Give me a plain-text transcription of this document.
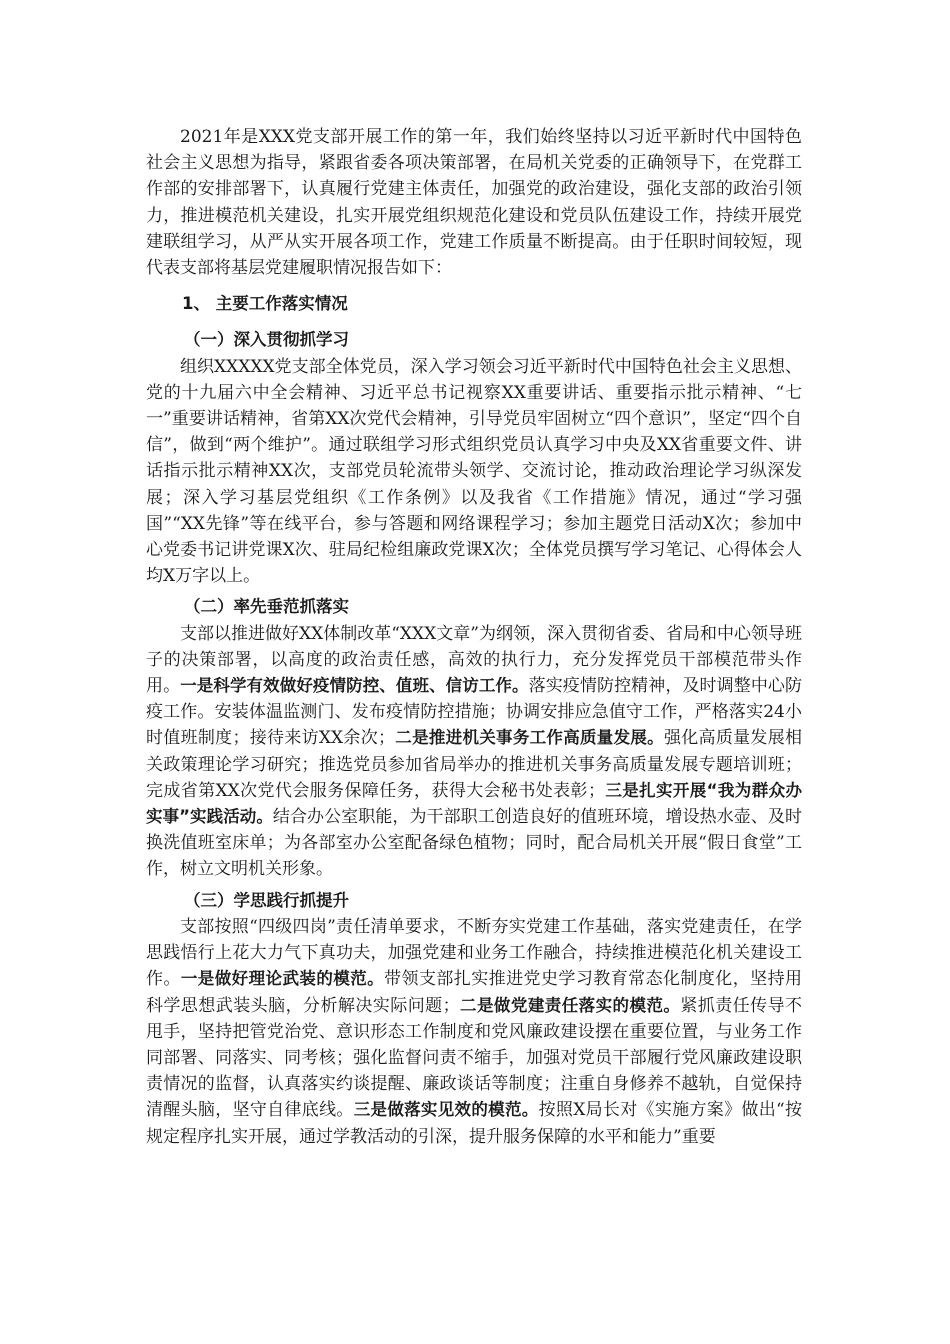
2021年是XXX党支部开展工作的第一年，我们始终坚持以习近平新时代中国特色社会主义思想为指导，紧跟省委各项决策部署，在局机关党委的正确领导下，在党群工作部的安排部署下，认真履行党建主体责任，加强党的政治建设，强化支部的政治引领力，推进模范机关建设，扎实开展党组织规范化建设和党员队伍建设工作，持续开展党建联组学习，从严从实开展各项工作，党建工作质量不断提高。由于任职时间较短，现代表支部将基层党建履职情况报告如下：

1、 主要工作落实情况

（一）深入贯彻抓学习

组织XXXXX党支部全体党员，深入学习领会习近平新时代中国特色社会主义思想、党的十九届六中全会精神、习近平总书记视察XX重要讲话、重要指示批示精神、“七一”重要讲话精神，省第XX次党代会精神，引导党员牢固树立“四个意识”，坚定“四个自信”，做到“两个维护”。通过联组学习形式组织党员认真学习中央及XX省重要文件、讲话指示批示精神XX次，支部党员轮流带头领学、交流讨论，推动政治理论学习纵深发展；深入学习基层党组织《工作条例》以及我省《工作措施》情况，通过“学习强国”“XX先锋”等在线平台，参与答题和网络课程学习；参加主题党日活动X次；参加中心党委书记讲党课X次、驻局纪检组廉政党课X次；全体党员撰写学习笔记、心得体会人均X万字以上。

（二）率先垂范抓落实

支部以推进做好XX体制改革“XXX文章”为纲领，深入贯彻省委、省局和中心领导班子的决策部署，以高度的政治责任感，高效的执行力，充分发挥党员干部模范带头作用。一是科学有效做好疫情防控、值班、信访工作。落实疫情防控精神，及时调整中心防疫工作。安装体温监测门、发布疫情防控措施；协调安排应急值守工作，严格落实24小时值班制度；接待来访XX余次；二是推进机关事务工作高质量发展。强化高质量发展相关政策理论学习研究；推选党员参加省局举办的推进机关事务高质量发展专题培训班；完成省第XX次党代会服务保障任务，获得大会秘书处表彰；三是扎实开展“我为群众办实事”实践活动。结合办公室职能，为干部职工创造良好的值班环境，增设热水壶、及时换洗值班室床单；为各部室办公室配备绿色植物；同时，配合局机关开展“假日食堂”工作，树立文明机关形象。

（三）学思践行抓提升

支部按照“四级四岗”责任清单要求，不断夯实党建工作基础，落实党建责任，在学思践悟行上花大力气下真功夫，加强党建和业务工作融合，持续推进模范化机关建设工作。一是做好理论武装的模范。带领支部扎实推进党史学习教育常态化制度化，坚持用科学思想武装头脑，分析解决实际问题；二是做党建责任落实的模范。紧抓责任传导不甩手，坚持把管党治党、意识形态工作制度和党风廉政建设摆在重要位置，与业务工作同部署、同落实、同考核；强化监督问责不缩手，加强对党员干部履行党风廉政建设职责情况的监督，认真落实约谈提醒、廉政谈话等制度；注重自身修养不越轨，自觉保持清醒头脑，坚守自律底线。三是做落实见效的模范。按照X局长对《实施方案》做出“按规定程序扎实开展，通过学教活动的引深，提升服务保障的水平和能力”重要
